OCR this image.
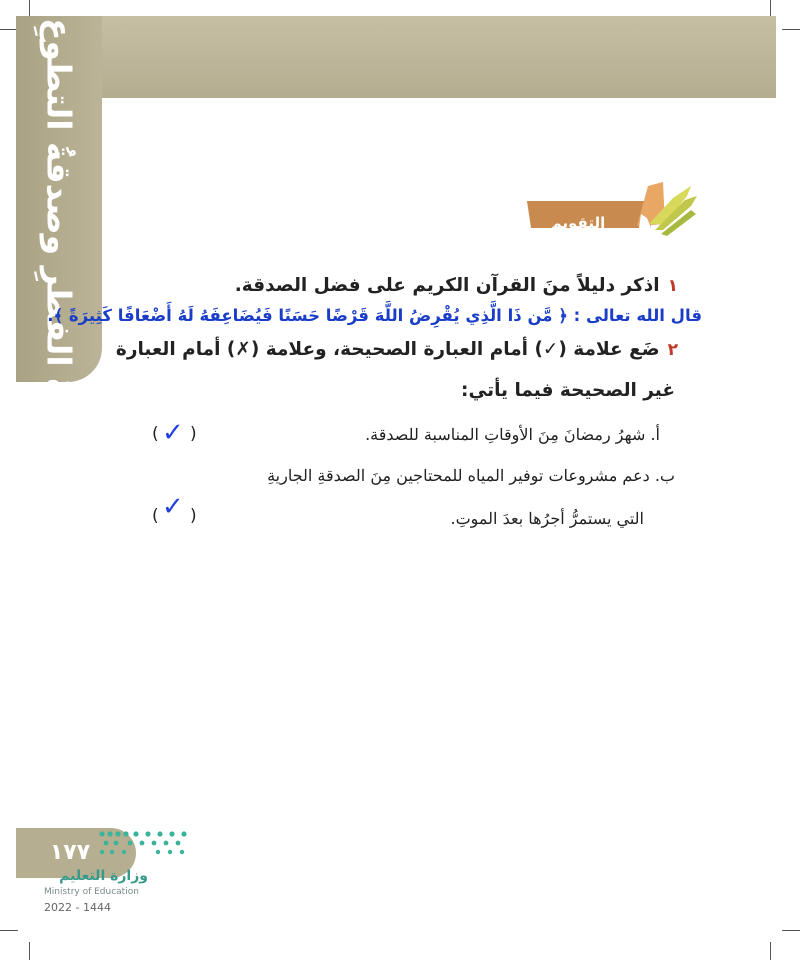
زكاةُ الفطرِ وصدقةُ التطوعِ	التقويم
١اذكر دليلاً منَ القرآن الكريم على فضل الصدقة.
قال الله تعالى : ﴿ مَّن ذَا الَّذِي يُقْرِضُ اللَّهَ قَرْضًا حَسَنًا فَيُضَاعِفَهُ لَهُ أَضْعَافًا كَثِيرَةً ﴾.
٢ضَع علامة (✓) أمام العبارة الصحيحة، وعلامة (✗) أمام العبارة
غير الصحيحة فيما يأتي:
أ. شهرُ رمضانَ مِنَ الأوقاتِ المناسبة للصدقة.
( ✓ )
ب. دعم مشروعات توفير المياه للمحتاجين مِنَ الصدقةِ الجاريةِ
التي يستمرُّ أجرُها بعدَ الموتِ.
( ✓ )
١٧٧
وزارة التعليم
Ministry of Education
2022 - 1444
